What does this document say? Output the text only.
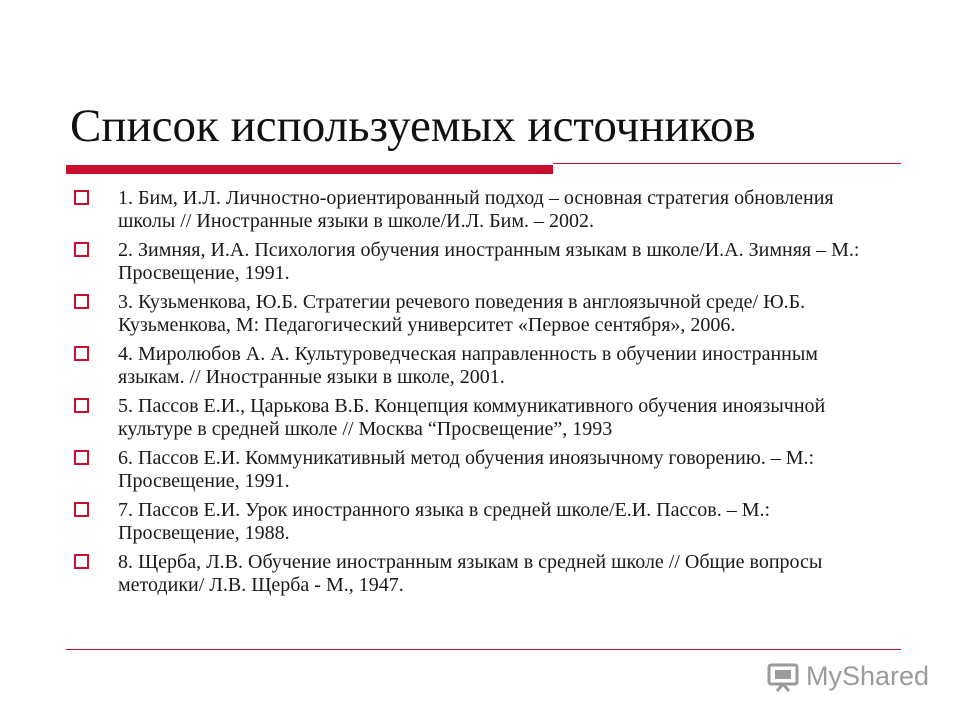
Список используемых источников
1. Бим, И.Л. Личностно-ориентированный подход – основная стратегия обновления школы // Иностранные языки в школе/И.Л. Бим. – 2002.
2. Зимняя, И.А. Психология обучения иностранным языкам в школе/И.А. Зимняя – М.: Просвещение, 1991.
3. Кузьменкова, Ю.Б. Стратегии речевого поведения в англоязычной среде/ Ю.Б. Кузьменкова, М: Педагогический университет «Первое сентября», 2006.
4. Миролюбов А. А. Культуроведческая направленность в обучении иностранным языкам. // Иностранные языки в школе, 2001.
5. Пассов Е.И., Царькова В.Б. Концепция коммуникативного обучения иноязычной культуре в средней школе // Москва “Просвещение”, 1993
6. Пассов Е.И. Коммуникативный метод обучения иноязычному говорению. – М.: Просвещение, 1991.
7. Пассов Е.И. Урок иностранного языка в средней школе/Е.И. Пассов. – М.: Просвещение, 1988.
8. Щерба, Л.В. Обучение иностранным языкам в средней школе // Общие вопросы методики/ Л.В. Щерба - М., 1947.
MyShared
